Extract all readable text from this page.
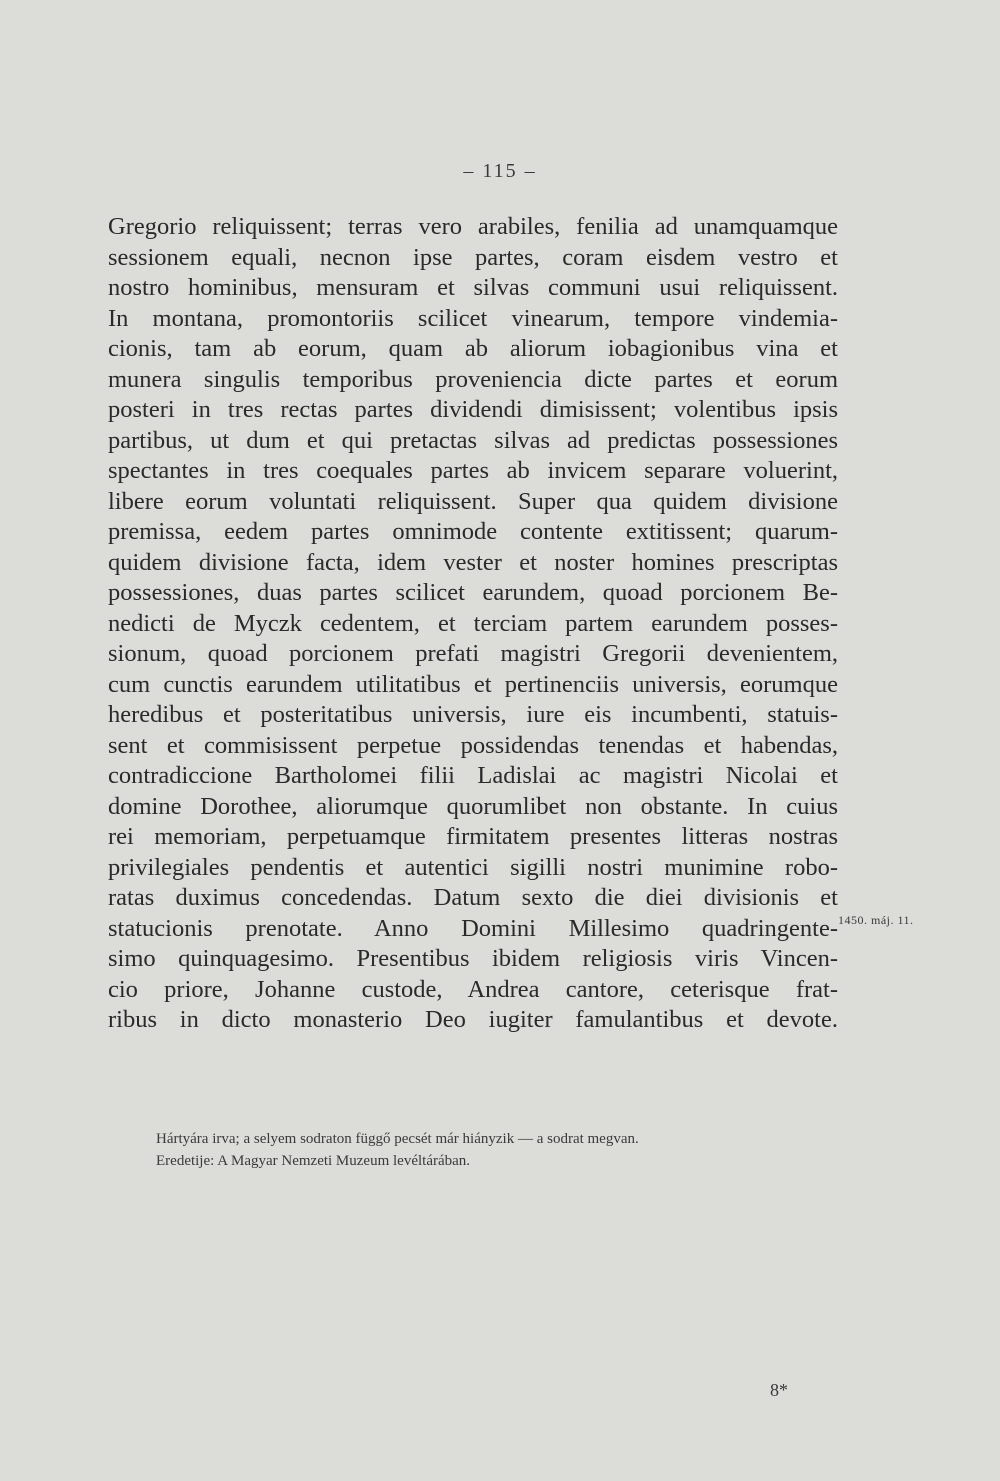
– 115 –
Gregorio reliquissent; terras vero arabiles, fenilia ad unamquamque
sessionem equali, necnon ipse partes, coram eisdem vestro et
nostro hominibus, mensuram et silvas communi usui reliquissent.
In montana, promontoriis scilicet vinearum, tempore vindemia-
cionis, tam ab eorum, quam ab aliorum iobagionibus vina et
munera singulis temporibus proveniencia dicte partes et eorum
posteri in tres rectas partes dividendi dimisissent; volentibus ipsis
partibus, ut dum et qui pretactas silvas ad predictas possessiones
spectantes in tres coequales partes ab invicem separare voluerint,
libere eorum voluntati reliquissent. Super qua quidem divisione
premissa, eedem partes omnimode contente extitissent; quarum-
quidem divisione facta, idem vester et noster homines prescriptas
possessiones, duas partes scilicet earundem, quoad porcionem Be-
nedicti de Myczk cedentem, et terciam partem earundem posses-
sionum, quoad porcionem prefati magistri Gregorii devenientem,
cum cunctis earundem utilitatibus et pertinenciis universis, eorumque
heredibus et posteritatibus universis, iure eis incumbenti, statuis-
sent et commisissent perpetue possidendas tenendas et habendas,
contradiccione Bartholomei filii Ladislai ac magistri Nicolai et
domine Dorothee, aliorumque quorumlibet non obstante. In cuius
rei memoriam, perpetuamque firmitatem presentes litteras nostras
privilegiales pendentis et autentici sigilli nostri munimine robo-
ratas duximus concedendas. Datum sexto die diei divisionis et
statucionis prenotate. Anno Domini Millesimo quadringente-
simo quinquagesimo. Presentibus ibidem religiosis viris Vincen-
cio priore, Johanne custode, Andrea cantore, ceterisque frat-
ribus in dicto monasterio Deo iugiter famulantibus et devote.
1450. máj. 11.
Hártyára irva; a selyem sodraton függő pecsét már hiányzik — a sodrat megvan.
Eredetije: A Magyar Nemzeti Muzeum levéltárában.
8*
